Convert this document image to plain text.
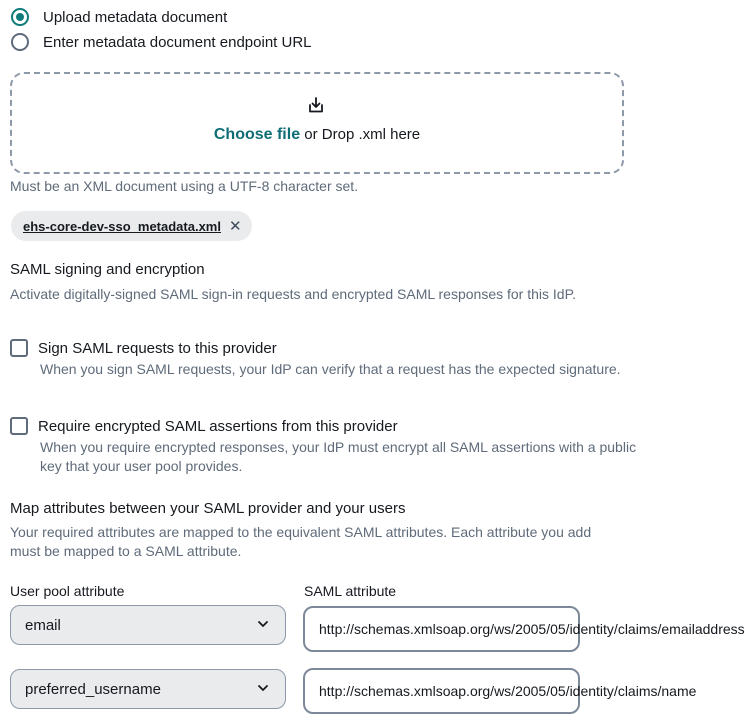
Upload metadata document
Enter metadata document endpoint URL
Choose file or Drop .xml here
Must be an XML document using a UTF-8 character set.
ehs-core-dev-sso_metadata.xml ✕
SAML signing and encryption
Activate digitally-signed SAML sign-in requests and encrypted SAML responses for this IdP.
Sign SAML requests to this provider
When you sign SAML requests, your IdP can verify that a request has the expected signature.
Require encrypted SAML assertions from this provider
When you require encrypted responses, your IdP must encrypt all SAML assertions with a public key that your user pool provides.
Map attributes between your SAML provider and your users
Your required attributes are mapped to the equivalent SAML attributes. Each attribute you add must be mapped to a SAML attribute.
User pool attribute	SAML attribute
email	http://schemas.xmlsoap.org/ws/2005/05/identity/claims/emailaddress
preferred_username	http://schemas.xmlsoap.org/ws/2005/05/identity/claims/name
